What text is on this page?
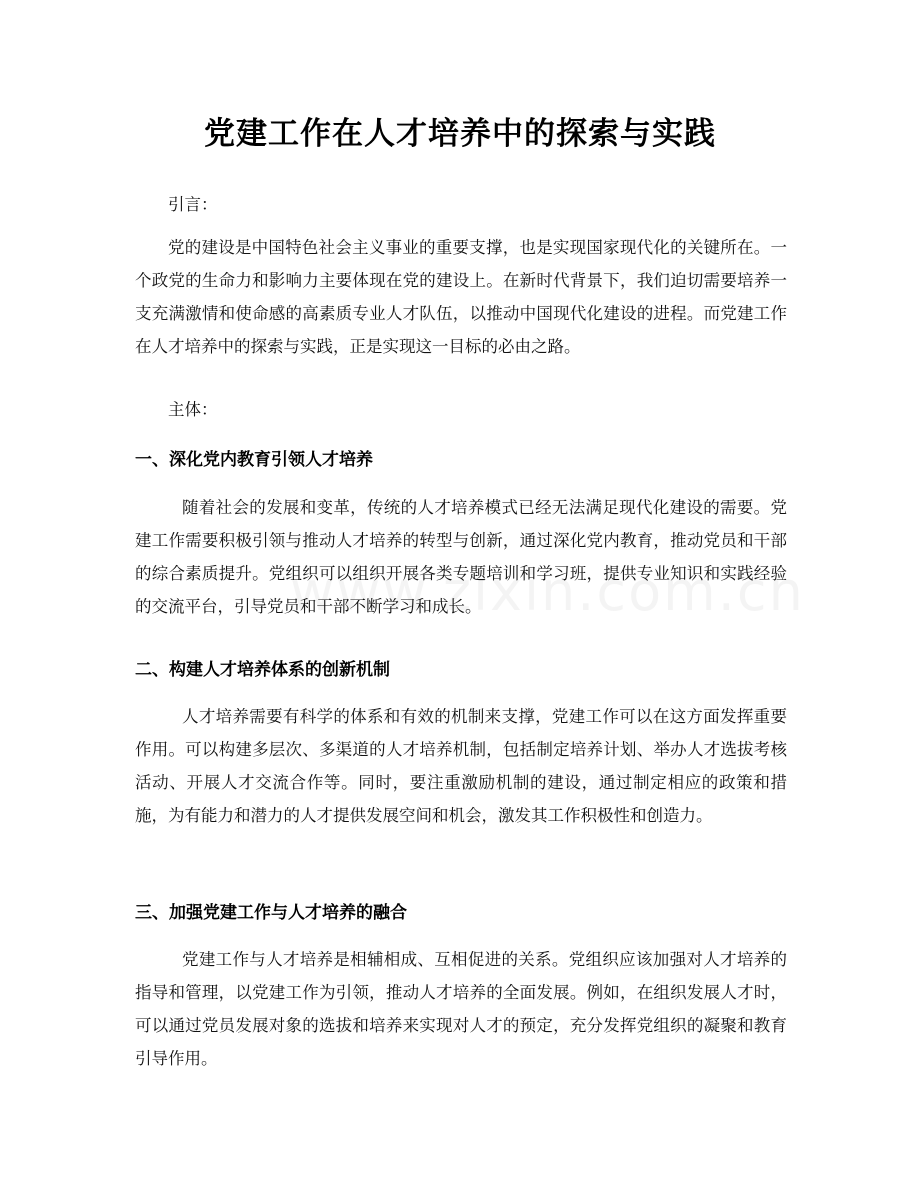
党建工作在人才培养中的探索与实践
引言：
党的建设是中国特色社会主义事业的重要支撑，也是实现国家现代化的关键所在。一个政党的生命力和影响力主要体现在党的建设上。在新时代背景下，我们迫切需要培养一支充满激情和使命感的高素质专业人才队伍，以推动中国现代化建设的进程。而党建工作在人才培养中的探索与实践，正是实现这一目标的必由之路。
主体：
一、深化党内教育引领人才培养
随着社会的发展和变革，传统的人才培养模式已经无法满足现代化建设的需要。党建工作需要积极引领与推动人才培养的转型与创新，通过深化党内教育，推动党员和干部的综合素质提升。党组织可以组织开展各类专题培训和学习班，提供专业知识和实践经验的交流平台，引导党员和干部不断学习和成长。
二、构建人才培养体系的创新机制
人才培养需要有科学的体系和有效的机制来支撑，党建工作可以在这方面发挥重要作用。可以构建多层次、多渠道的人才培养机制，包括制定培养计划、举办人才选拔考核活动、开展人才交流合作等。同时，要注重激励机制的建设，通过制定相应的政策和措施，为有能力和潜力的人才提供发展空间和机会，激发其工作积极性和创造力。
三、加强党建工作与人才培养的融合
党建工作与人才培养是相辅相成、互相促进的关系。党组织应该加强对人才培养的指导和管理，以党建工作为引领，推动人才培养的全面发展。例如，在组织发展人才时，可以通过党员发展对象的选拔和培养来实现对人才的预定，充分发挥党组织的凝聚和教育引导作用。
